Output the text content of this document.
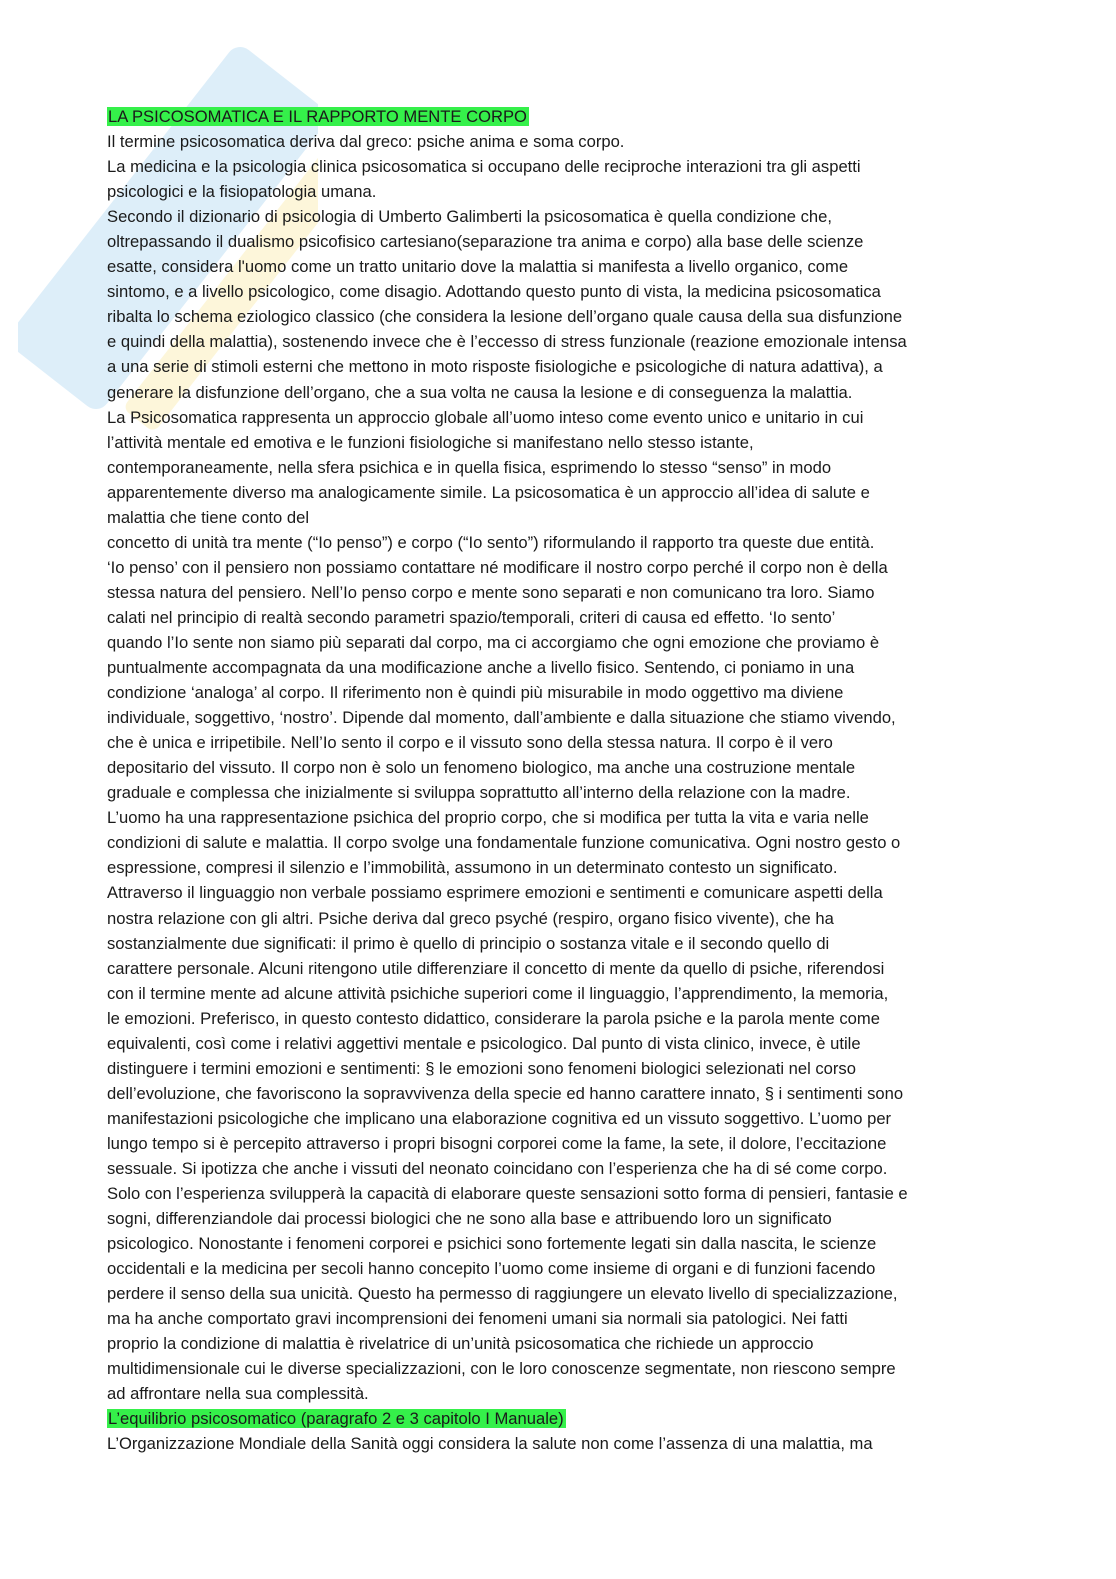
LA PSICOSOMATICA E IL RAPPORTO MENTE CORPO
Il termine psicosomatica deriva dal greco: psiche anima e soma corpo.
La medicina e la psicologia clinica psicosomatica si occupano delle reciproche interazioni tra gli aspetti
psicologici e la fisiopatologia umana.
Secondo il dizionario di psicologia di Umberto Galimberti la psicosomatica è quella condizione che,
oltrepassando il dualismo psicofisico cartesiano(separazione tra anima e corpo) alla base delle scienze
esatte, considera l'uomo come un tratto unitario dove la malattia si manifesta a livello organico, come
sintomo, e a livello psicologico, come disagio. Adottando questo punto di vista, la medicina psicosomatica
ribalta lo schema eziologico classico (che considera la lesione dell’organo quale causa della sua disfunzione
e quindi della malattia), sostenendo invece che è l’eccesso di stress funzionale (reazione emozionale intensa
a una serie di stimoli esterni che mettono in moto risposte fisiologiche e psicologiche di natura adattiva), a
generare la disfunzione dell’organo, che a sua volta ne causa la lesione e di conseguenza la malattia.
La Psicosomatica rappresenta un approccio globale all’uomo inteso come evento unico e unitario in cui
l’attività mentale ed emotiva e le funzioni fisiologiche si manifestano nello stesso istante,
contemporaneamente, nella sfera psichica e in quella fisica, esprimendo lo stesso “senso” in modo
apparentemente diverso ma analogicamente simile. La psicosomatica è un approccio all’idea di salute e
malattia che tiene conto del
concetto di unità tra mente (“Io penso”) e corpo (“Io sento”) riformulando il rapporto tra queste due entità.
‘Io penso’ con il pensiero non possiamo contattare né modificare il nostro corpo perché il corpo non è della
stessa natura del pensiero. Nell’Io penso corpo e mente sono separati e non comunicano tra loro. Siamo
calati nel principio di realtà secondo parametri spazio/temporali, criteri di causa ed effetto. ‘Io sento’
quando l’Io sente non siamo più separati dal corpo, ma ci accorgiamo che ogni emozione che proviamo è
puntualmente accompagnata da una modificazione anche a livello fisico. Sentendo, ci poniamo in una
condizione ‘analoga’ al corpo. Il riferimento non è quindi più misurabile in modo oggettivo ma diviene
individuale, soggettivo, ‘nostro’. Dipende dal momento, dall’ambiente e dalla situazione che stiamo vivendo,
che è unica e irripetibile. Nell’Io sento il corpo e il vissuto sono della stessa natura. Il corpo è il vero
depositario del vissuto. Il corpo non è solo un fenomeno biologico, ma anche una costruzione mentale
graduale e complessa che inizialmente si sviluppa soprattutto all’interno della relazione con la madre.
L’uomo ha una rappresentazione psichica del proprio corpo, che si modifica per tutta la vita e varia nelle
condizioni di salute e malattia. Il corpo svolge una fondamentale funzione comunicativa. Ogni nostro gesto o
espressione, compresi il silenzio e l’immobilità, assumono in un determinato contesto un significato.
Attraverso il linguaggio non verbale possiamo esprimere emozioni e sentimenti e comunicare aspetti della
nostra relazione con gli altri. Psiche deriva dal greco psyché (respiro, organo fisico vivente), che ha
sostanzialmente due significati: il primo è quello di principio o sostanza vitale e il secondo quello di
carattere personale. Alcuni ritengono utile differenziare il concetto di mente da quello di psiche, riferendosi
con il termine mente ad alcune attività psichiche superiori come il linguaggio, l’apprendimento, la memoria,
le emozioni. Preferisco, in questo contesto didattico, considerare la parola psiche e la parola mente come
equivalenti, così come i relativi aggettivi mentale e psicologico. Dal punto di vista clinico, invece, è utile
distinguere i termini emozioni e sentimenti: § le emozioni sono fenomeni biologici selezionati nel corso
dell’evoluzione, che favoriscono la sopravvivenza della specie ed hanno carattere innato, § i sentimenti sono
manifestazioni psicologiche che implicano una elaborazione cognitiva ed un vissuto soggettivo. L’uomo per
lungo tempo si è percepito attraverso i propri bisogni corporei come la fame, la sete, il dolore, l’eccitazione
sessuale. Si ipotizza che anche i vissuti del neonato coincidano con l’esperienza che ha di sé come corpo.
Solo con l’esperienza svilupperà la capacità di elaborare queste sensazioni sotto forma di pensieri, fantasie e
sogni, differenziandole dai processi biologici che ne sono alla base e attribuendo loro un significato
psicologico. Nonostante i fenomeni corporei e psichici sono fortemente legati sin dalla nascita, le scienze
occidentali e la medicina per secoli hanno concepito l’uomo come insieme di organi e di funzioni facendo
perdere il senso della sua unicità. Questo ha permesso di raggiungere un elevato livello di specializzazione,
ma ha anche comportato gravi incomprensioni dei fenomeni umani sia normali sia patologici. Nei fatti
proprio la condizione di malattia è rivelatrice di un’unità psicosomatica che richiede un approccio
multidimensionale cui le diverse specializzazioni, con le loro conoscenze segmentate, non riescono sempre
ad affrontare nella sua complessità.
L’equilibrio psicosomatico (paragrafo 2 e 3 capitolo I Manuale)
L’Organizzazione Mondiale della Sanità oggi considera la salute non come l’assenza di una malattia, ma
